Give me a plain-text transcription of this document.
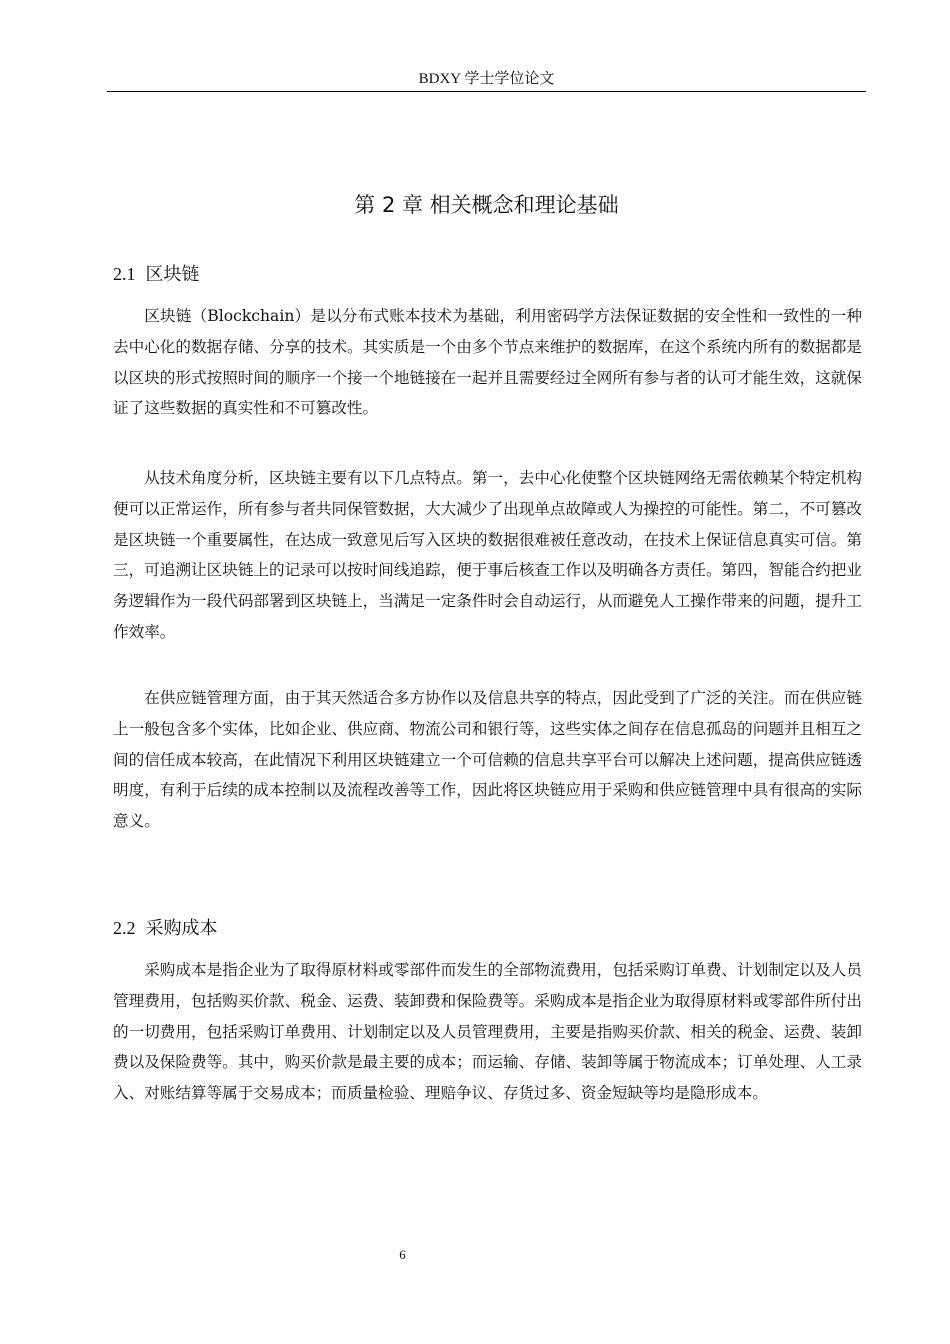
BDXY 学士学位论文
第 2 章 相关概念和理论基础
2.1 区块链

区块链（Blockchain）是以分布式账本技术为基础，利用密码学方法保证数据的安全性和一致性的一种去中心化的数据存储、分享的技术。其实质是一个由多个节点来维护的数据库，在这个系统内所有的数据都是以区块的形式按照时间的顺序一个接一个地链接在一起并且需要经过全网所有参与者的认可才能生效，这就保证了这些数据的真实性和不可篡改性。

从技术角度分析，区块链主要有以下几点特点。第一，去中心化使整个区块链网络无需依赖某个特定机构便可以正常运作，所有参与者共同保管数据，大大减少了出现单点故障或人为操控的可能性。第二，不可篡改是区块链一个重要属性，在达成一致意见后写入区块的数据很难被任意改动，在技术上保证信息真实可信。第三，可追溯让区块链上的记录可以按时间线追踪，便于事后核查工作以及明确各方责任。第四，智能合约把业务逻辑作为一段代码部署到区块链上，当满足一定条件时会自动运行，从而避免人工操作带来的问题，提升工作效率。

在供应链管理方面，由于其天然适合多方协作以及信息共享的特点，因此受到了广泛的关注。而在供应链上一般包含多个实体，比如企业、供应商、物流公司和银行等，这些实体之间存在信息孤岛的问题并且相互之间的信任成本较高，在此情况下利用区块链建立一个可信赖的信息共享平台可以解决上述问题，提高供应链透明度，有利于后续的成本控制以及流程改善等工作，因此将区块链应用于采购和供应链管理中具有很高的实际意义。

2.2 采购成本

采购成本是指企业为了取得原材料或零部件而发生的全部物流费用，包括采购订单费、计划制定以及人员管理费用，包括购买价款、税金、运费、装卸费和保险费等。采购成本是指企业为取得原材料或零部件所付出的一切费用，包括采购订单费用、计划制定以及人员管理费用，主要是指购买价款、相关的税金、运费、装卸费以及保险费等。其中，购买价款是最主要的成本；而运输、存储、装卸等属于物流成本；订单处理、人工录入、对账结算等属于交易成本；而质量检验、理赔争议、存货过多、资金短缺等均是隐形成本。

6
